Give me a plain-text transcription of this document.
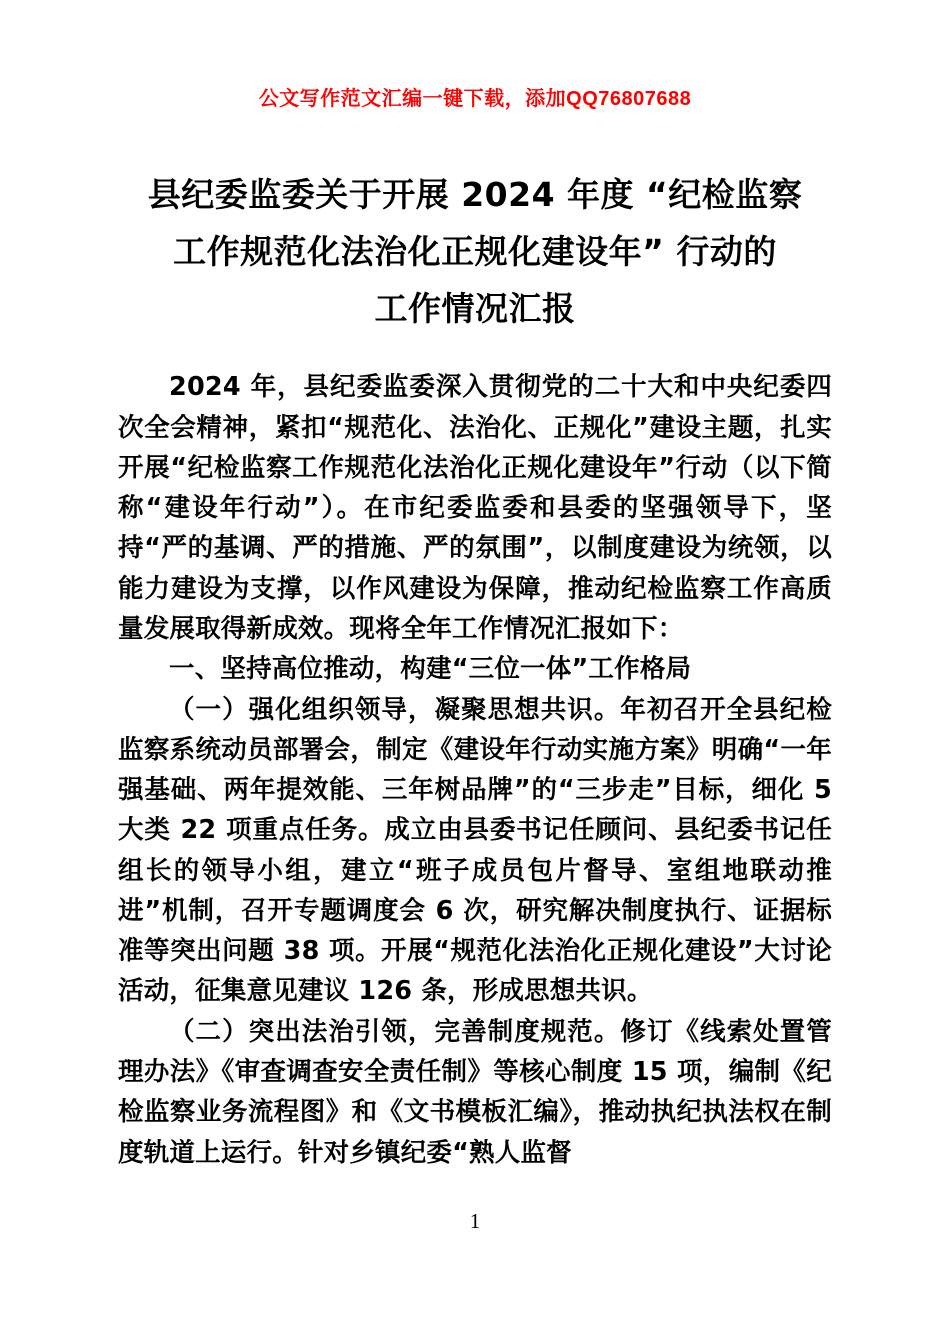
公文写作范文汇编一键下载，添加QQ76807688
县纪委监委关于开展 2024 年度 “纪检监察
工作规范化法治化正规化建设年” 行动的
工作情况汇报

2024 年，县纪委监委深入贯彻党的二十大和中央纪委四次全会精神，紧扣“规范化、法治化、正规化”建设主题，扎实开展“纪检监察工作规范化法治化正规化建设年”行动（以下简称“建设年行动”）。在市纪委监委和县委的坚强领导下，坚持“严的基调、严的措施、严的氛围”，以制度建设为统领，以能力建设为支撑，以作风建设为保障，推动纪检监察工作高质量发展取得新成效。现将全年工作情况汇报如下：

一、坚持高位推动，构建“三位一体”工作格局

（一）强化组织领导，凝聚思想共识。年初召开全县纪检监察系统动员部署会，制定《建设年行动实施方案》明确“一年强基础、两年提效能、三年树品牌”的“三步走”目标，细化 5 大类 22 项重点任务。成立由县委书记任顾问、县纪委书记任组长的领导小组，建立“班子成员包片督导、室组地联动推进”机制，召开专题调度会 6 次，研究解决制度执行、证据标准等突出问题 38 项。开展“规范化法治化正规化建设”大讨论活动，征集意见建议 126 条，形成思想共识。

（二）突出法治引领，完善制度规范。修订《线索处置管理办法》《审查调查安全责任制》等核心制度 15 项，编制《纪检监察业务流程图》和《文书模板汇编》，推动执纪执法权在制度轨道上运行。针对乡镇纪委“熟人监督

1
